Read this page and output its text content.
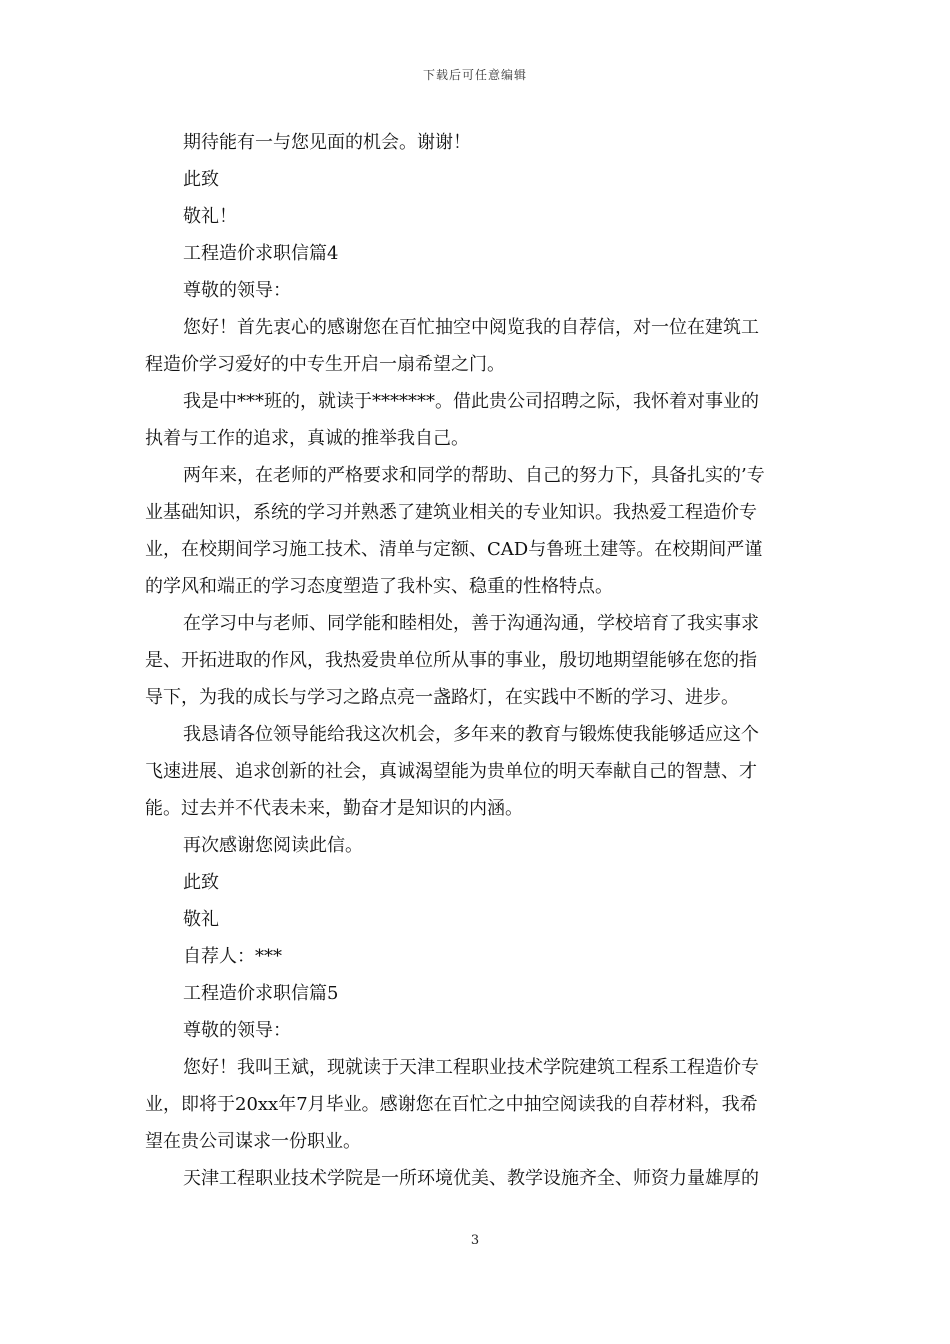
下载后可任意编辑

期待能有一与您见面的机会。谢谢！

此致

敬礼！

工程造价求职信篇4

尊敬的领导：

您好！首先衷心的感谢您在百忙抽空中阅览我的自荐信，对一位在建筑工

程造价学习爱好的中专生开启一扇希望之门。

我是中***班的，就读于*******。借此贵公司招聘之际，我怀着对事业的

执着与工作的追求，真诚的推举我自己。

两年来，在老师的严格要求和同学的帮助、自己的努力下，具备扎实的’专

业基础知识，系统的学习并熟悉了建筑业相关的专业知识。我热爱工程造价专

业，在校期间学习施工技术、清单与定额、CAD与鲁班土建等。在校期间严谨

的学风和端正的学习态度塑造了我朴实、稳重的性格特点。

在学习中与老师、同学能和睦相处，善于沟通沟通，学校培育了我实事求

是、开拓进取的作风，我热爱贵单位所从事的事业，殷切地期望能够在您的指

导下，为我的成长与学习之路点亮一盏路灯，在实践中不断的学习、进步。

我恳请各位领导能给我这次机会，多年来的教育与锻炼使我能够适应这个

飞速进展、追求创新的社会，真诚渴望能为贵单位的明天奉献自己的智慧、才

能。过去并不代表未来，勤奋才是知识的内涵。

再次感谢您阅读此信。

此致

敬礼

自荐人：***

工程造价求职信篇5

尊敬的领导：

您好！我叫王斌，现就读于天津工程职业技术学院建筑工程系工程造价专

业，即将于20xx年7月毕业。感谢您在百忙之中抽空阅读我的自荐材料，我希

望在贵公司谋求一份职业。

天津工程职业技术学院是一所环境优美、教学设施齐全、师资力量雄厚的

3
